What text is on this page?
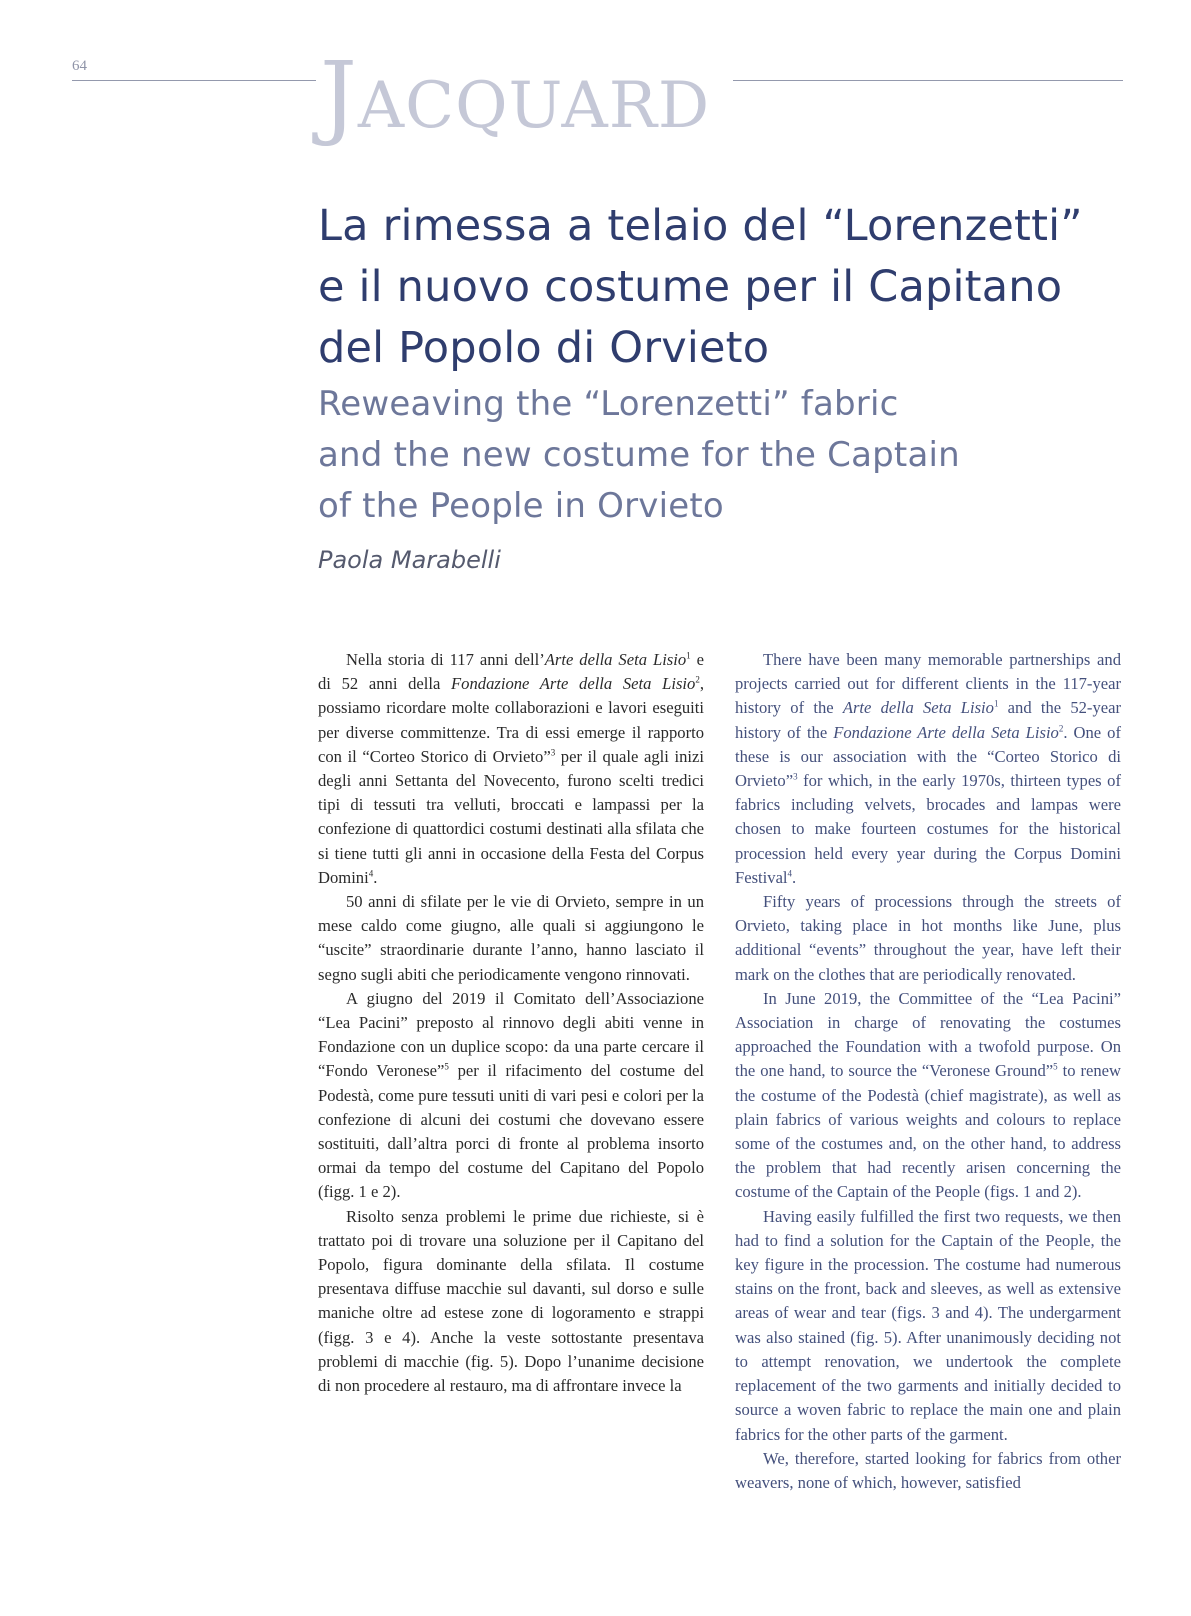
64	JACQUARD
La rimessa a telaio del “Lorenzetti”
e il nuovo costume per il Capitano
del Popolo di Orvieto
Reweaving the “Lorenzetti” fabric
and the new costume for the Captain
of the People in Orvieto
Paola Marabelli

Nella storia di 117 anni dell’Arte della Seta Lisio$^1$ e di 52 anni della Fondazione Arte della Seta Lisio$^2$, possiamo ricordare molte collaborazioni e lavori eseguiti per diverse committenze. Tra di essi emerge il rapporto con il “Corteo Storico di Orvieto”$^3$ per il quale agli inizi degli anni Settanta del Novecento, furono scelti tredici tipi di tessuti tra velluti, broccati e lampassi per la confezione di quattordici costumi destinati alla sfilata che si tiene tutti gli anni in occasione della Festa del Corpus Domini$^4$.

50 anni di sfilate per le vie di Orvieto, sempre in un mese caldo come giugno, alle quali si aggiungono le “uscite” straordinarie durante l’anno, hanno lasciato il segno sugli abiti che periodicamente vengono rinnovati.

A giugno del 2019 il Comitato dell’Associazione “Lea Pacini” preposto al rinnovo degli abiti venne in Fondazione con un duplice scopo: da una parte cercare il “Fondo Veronese”$^5$ per il rifacimento del costume del Podestà, come pure tessuti uniti di vari pesi e colori per la confezione di alcuni dei costumi che dovevano essere sostituiti, dall’altra porci di fronte al problema insorto ormai da tempo del costume del Capitano del Popolo (figg. 1 e 2).

Risolto senza problemi le prime due richieste, si è trattato poi di trovare una soluzione per il Capitano del Popolo, figura dominante della sfilata. Il costume presentava diffuse macchie sul davanti, sul dorso e sulle maniche oltre ad estese zone di logoramento e strappi (figg. 3 e 4). Anche la veste sottostante presentava problemi di macchie (fig. 5). Dopo l’unanime decisione di non procedere al restauro, ma di affrontare invece la

There have been many memorable partnerships and projects carried out for different clients in the 117-year history of the Arte della Seta Lisio$^1$ and the 52-year history of the Fondazione Arte della Seta Lisio$^2$. One of these is our association with the “Corteo Storico di Orvieto”$^3$ for which, in the early 1970s, thirteen types of fabrics including velvets, brocades and lampas were chosen to make fourteen costumes for the historical procession held every year during the Corpus Domini Festival$^4$.

Fifty years of processions through the streets of Orvieto, taking place in hot months like June, plus additional “events” throughout the year, have left their mark on the clothes that are periodically renovated.

In June 2019, the Committee of the “Lea Pacini” Association in charge of renovating the costumes approached the Foundation with a twofold purpose. On the one hand, to source the “Veronese Ground”$^5$ to renew the costume of the Podestà (chief magistrate), as well as plain fabrics of various weights and colours to replace some of the costumes and, on the other hand, to address the problem that had recently arisen concerning the costume of the Captain of the People (figs. 1 and 2).

Having easily fulfilled the first two requests, we then had to find a solution for the Captain of the People, the key figure in the procession. The costume had numerous stains on the front, back and sleeves, as well as extensive areas of wear and tear (figs. 3 and 4). The undergarment was also stained (fig. 5). After unanimously deciding not to attempt renovation, we undertook the complete replacement of the two garments and initially decided to source a woven fabric to replace the main one and plain fabrics for the other parts of the garment.

We, therefore, started looking for fabrics from other weavers, none of which, however, satisfied
